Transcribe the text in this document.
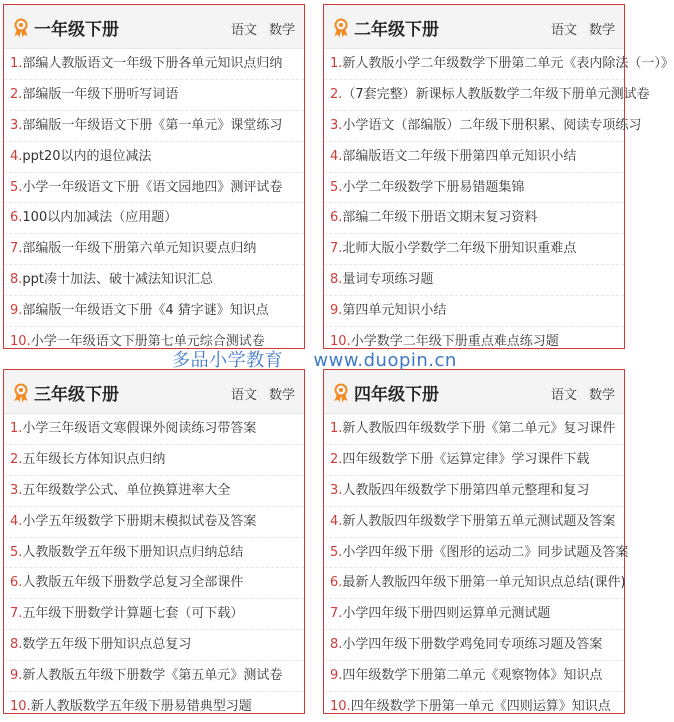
一年级下册	语文 数学
1.部编人教版语文一年级下册各单元知识点归纳
2.部编版一年级下册听写词语
3.部编版一年级语文下册《第一单元》课堂练习
4.ppt20以内的退位减法
5.小学一年级语文下册《语文园地四》测评试卷
6.100以内加减法（应用题）
7.部编版一年级下册第六单元知识要点归纳
8.ppt凑十加法、破十减法知识汇总
9.部编版一年级语文下册《4 猜字谜》知识点
10.小学一年级语文下册第七单元综合测试卷
二年级下册	语文 数学
1.新人教版小学二年级数学下册第二单元《表内除法（一）》
2.（7套完整）新课标人教版数学二年级下册单元测试卷
3.小学语文（部编版）二年级下册积累、阅读专项练习
4.部编版语文二年级下册第四单元知识小结
5.小学二年级数学下册易错题集锦
6.部编二年级下册语文期末复习资料
7.北师大版小学数学二年级下册知识重难点
8.量词专项练习题
9.第四单元知识小结
10.小学数学二年级下册重点难点练习题
三年级下册	语文 数学
1.小学三年级语文寒假课外阅读练习带答案
2.五年级长方体知识点归纳
3.五年级数学公式、单位换算进率大全
4.小学五年级数学下册期末模拟试卷及答案
5.人教版数学五年级下册知识点归纳总结
6.人教版五年级下册数学总复习全部课件
7.五年级下册数学计算题七套（可下载）
8.数学五年级下册知识点总复习
9.新人教版五年级下册数学《第五单元》测试卷
10.新人教版数学五年级下册易错典型习题
四年级下册	语文 数学
1.新人教版四年级数学下册《第二单元》复习课件
2.四年级数学下册《运算定律》学习课件下载
3.人教版四年级数学下册第四单元整理和复习
4.新人教版四年级数学下册第五单元测试题及答案
5.小学四年级下册《图形的运动二》同步试题及答案
6.最新人教版四年级下册第一单元知识点总结(课件)
7.小学四年级下册四则运算单元测试题
8.小学四年级下册数学鸡兔同专项练习题及答案
9.四年级数学下册第二单元《观察物体》知识点
10.四年级数学下册第一单元《四则运算》知识点
多品小学教育 www.duopin.cn
